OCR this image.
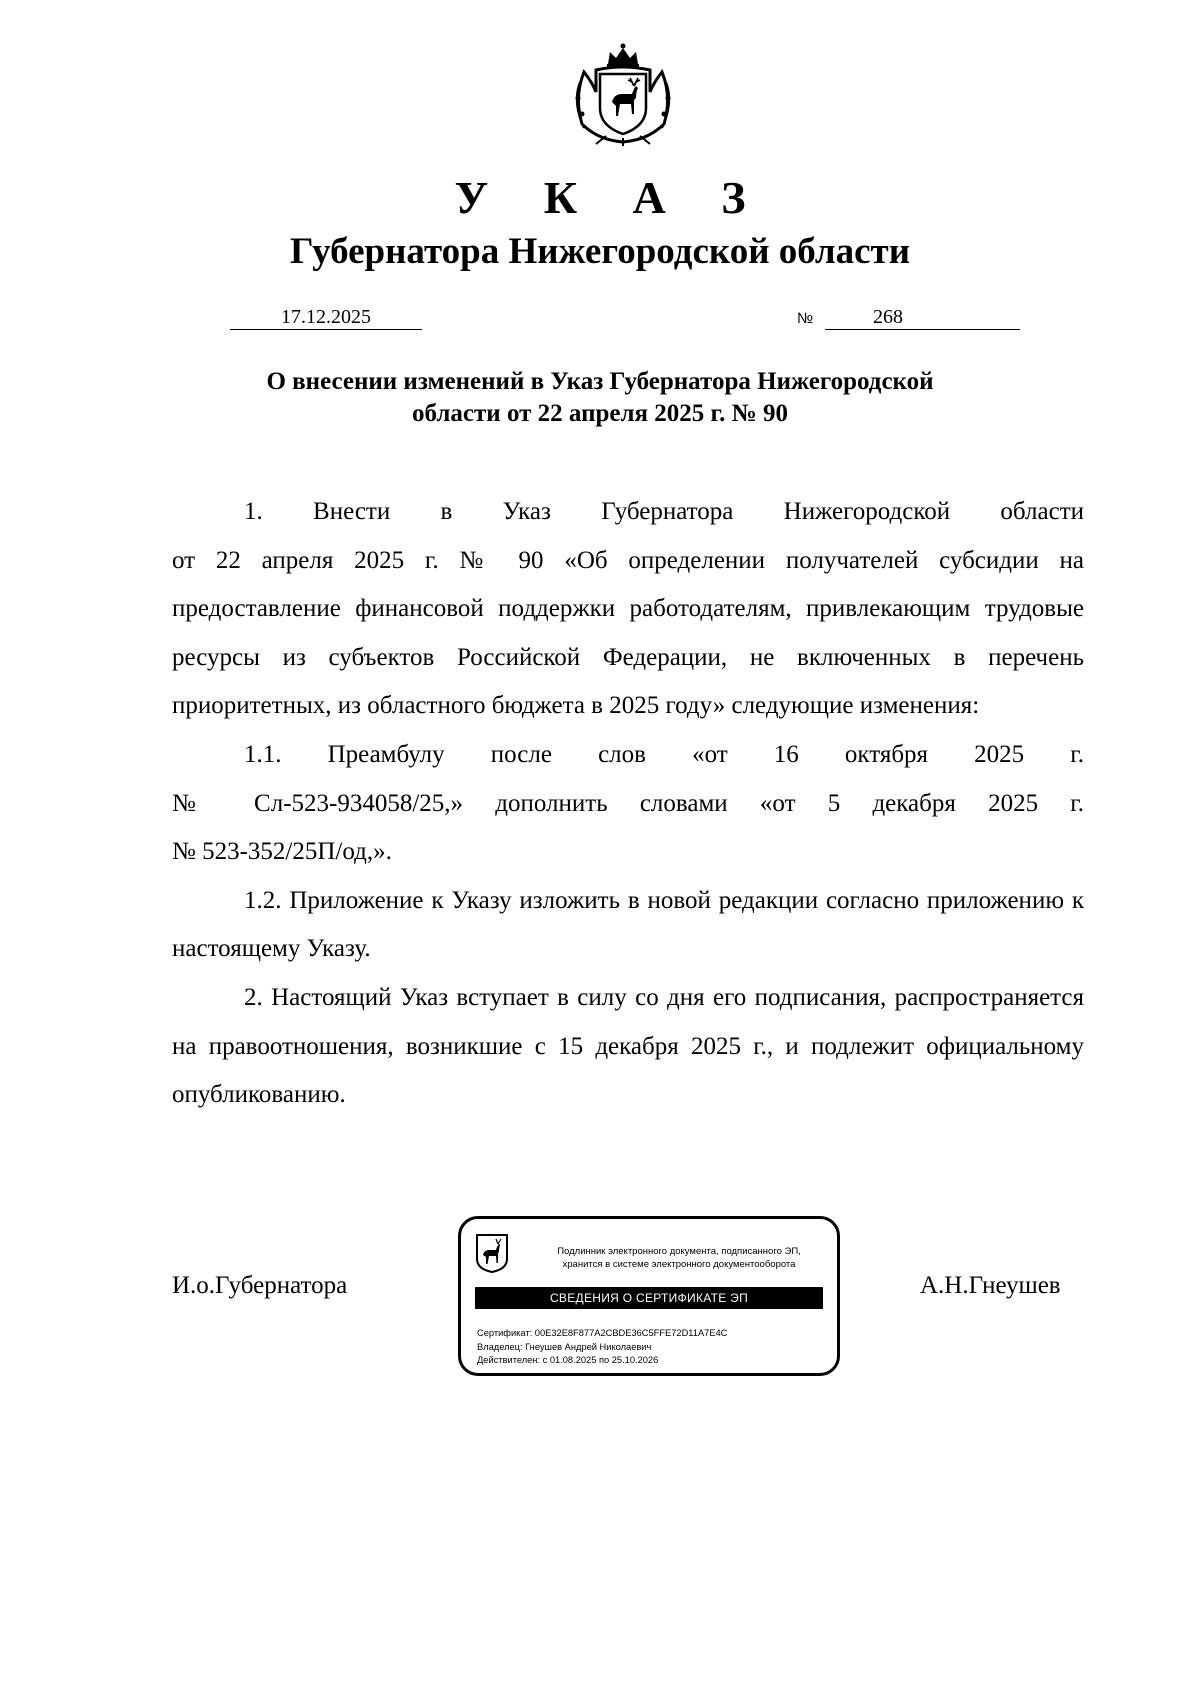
У К А З
Губернатора Нижегородской области
17.12.2025	№	268
О внесении изменений в Указ Губернатора Нижегородской
области от 22 апреля 2025 г. № 90

1. Внести в Указ Губернатора Нижегородской области

от 22 апреля 2025 г. № 90 «Об определении получателей субсидии на предоставление финансовой поддержки работодателям, привлекающим трудовые ресурсы из субъектов Российской Федерации, не включенных в перечень приоритетных, из областного бюджета в 2025 году» следующие изменения:

1.1. Преамбулу после слов «от 16 октября 2025 г.

№ Сл-523-934058/25,» дополнить словами «от 5 декабря 2025 г.

№ 523-352/25П/од,».

1.2. Приложение к Указу изложить в новой редакции согласно приложению к настоящему Указу.

2. Настоящий Указ вступает в силу со дня его подписания, распространяется на правоотношения, возникшие с 15 декабря 2025 г., и подлежит официальному опубликованию.

И.о.Губернатора	А.Н.Гнеушев
Подлинник электронного документа, подписанного ЭП,
хранится в системе электронного документооборота
СВЕДЕНИЯ О СЕРТИФИКАТЕ ЭП
Сертификат: 00E32E8F877A2CBDE36C5FFE72D11A7E4C
Владелец: Гнеушев Андрей Николаевич
Действителен: с 01.08.2025 по 25.10.2026
